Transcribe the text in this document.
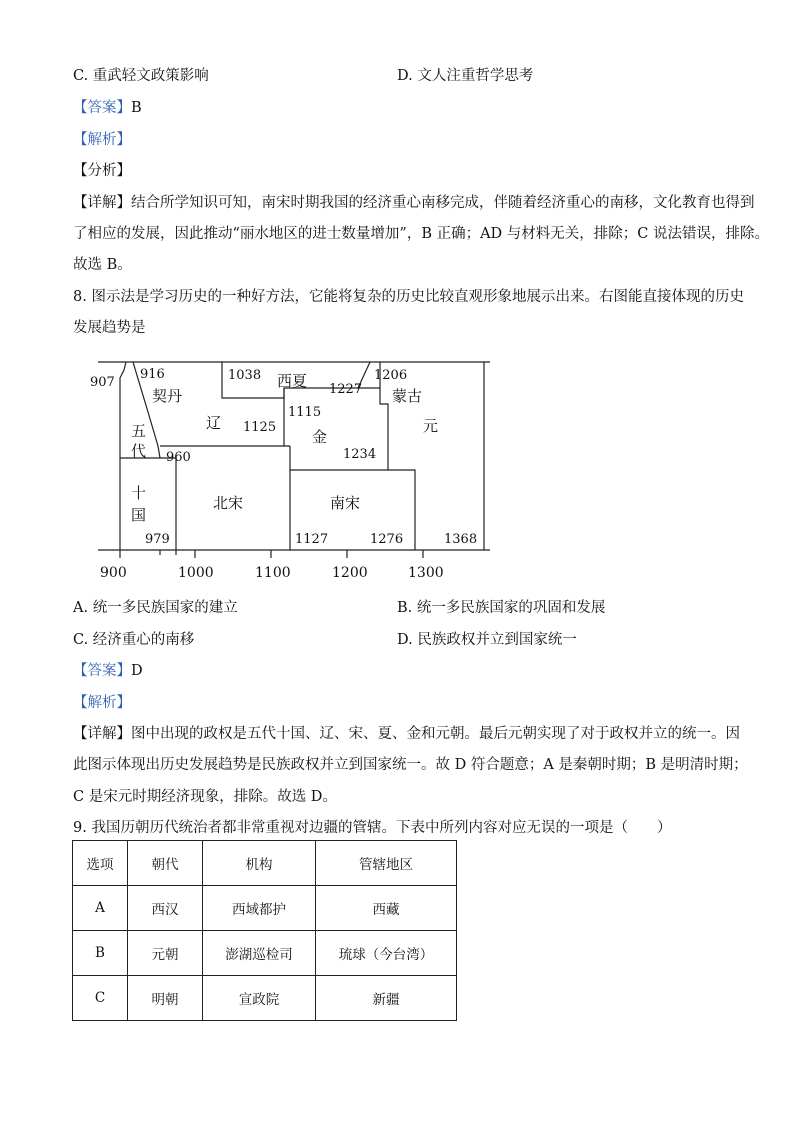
C. 重武轻文政策影响	D. 文人注重哲学思考
【答案】B
【解析】
【分析】
【详解】结合所学知识可知，南宋时期我国的经济重心南移完成，伴随着经济重心的南移，文化教育也得到
了相应的发展，因此推动“丽水地区的进士数量增加”，B 正确；AD 与材料无关，排除；C 说法错误，排除。
故选 B。
8. 图示法是学习历史的一种好方法，它能将复杂的历史比较直观形象地展示出来。右图能直接体现的历史
发展趋势是
900	1000	1100	1200	1300
907
916	1038
1227
1206
1115
1125
960	1234
979	1127	1276	1368
契丹
辽
西夏
蒙古
金
元
北宋	南宋
五
代
十
国
A. 统一多民族国家的建立	B. 统一多民族国家的巩固和发展
C. 经济重心的南移	D. 民族政权并立到国家统一
【答案】D
【解析】
【详解】图中出现的政权是五代十国、辽、宋、夏、金和元朝。最后元朝实现了对于政权并立的统一。因
此图示体现出历史发展趋势是民族政权并立到国家统一。故 D 符合题意；A 是秦朝时期；B 是明清时期；
C 是宋元时期经济现象，排除。故选 D。
9. 我国历朝历代统治者都非常重视对边疆的管辖。下表中所列内容对应无误的一项是（　　）
选项	朝代	机构	管辖地区
A	西汉	西域都护	西藏
B	元朝	澎湖巡检司	琉球（今台湾）
C	明朝	宣政院	新疆
